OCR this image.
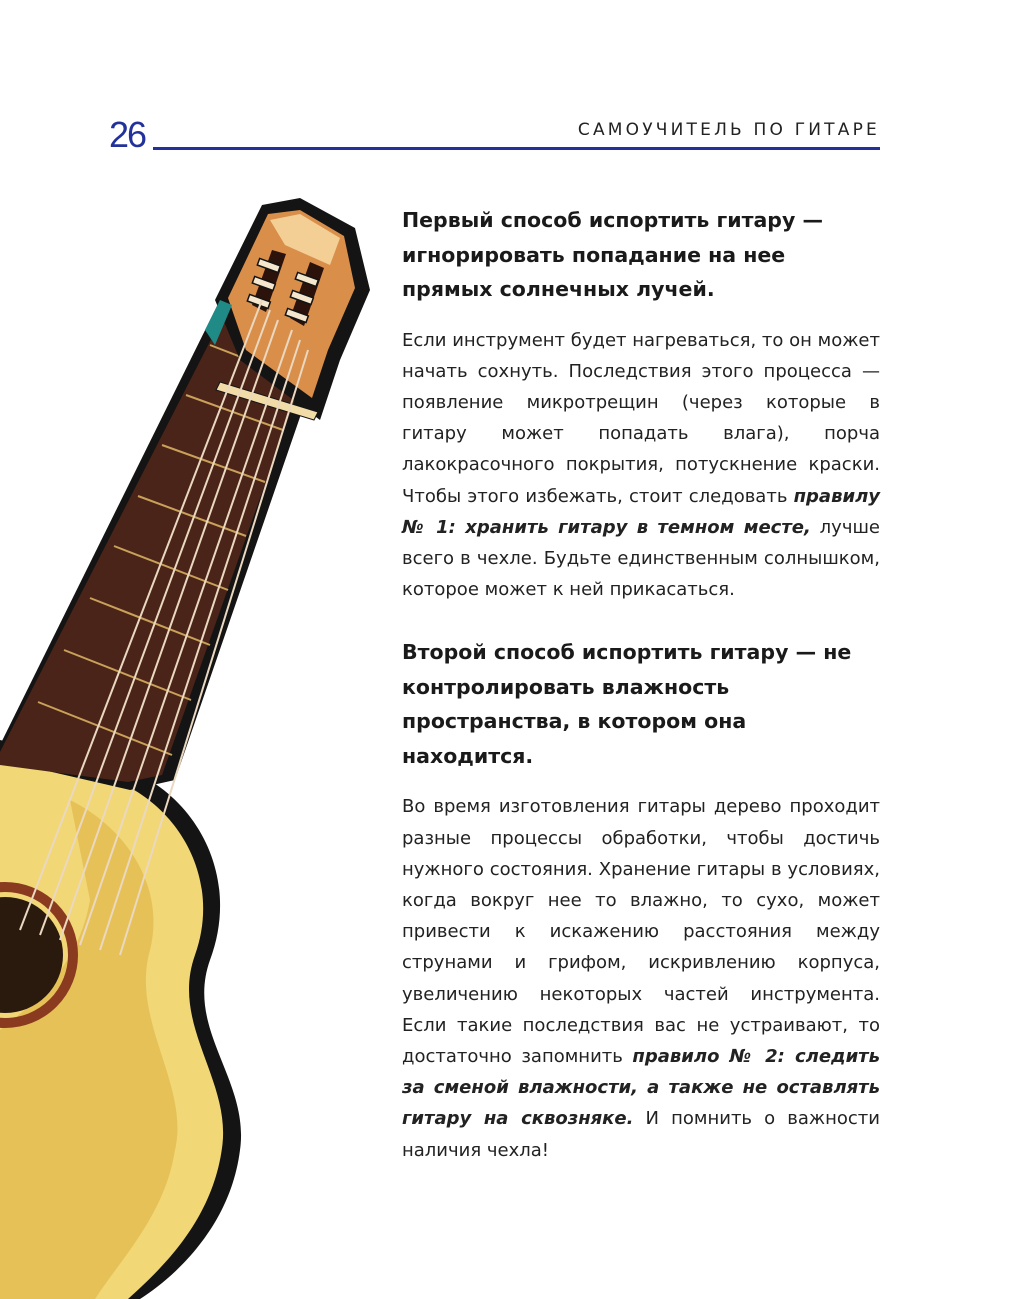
26	САМОУЧИТЕЛЬ ПО ГИТАРЕ
Первый способ испортить гитару — игнорировать попадание на нее прямых солнечных лучей.

Если инструмент будет нагреваться, то он может начать сохнуть. Последствия этого процесса — появление микротрещин (через которые в гитару может попадать влага), порча лакокрасочного покрытия, потускнение краски. Чтобы этого избежать, стоит следовать правилу № 1: хранить гитару в темном месте, лучше всего в чехле. Будьте единственным солнышком, которое может к ней прикасаться.

Второй способ испортить гитару — не контролировать влажность пространства, в котором она находится.

Во время изготовления гитары дерево проходит разные процессы обработки, чтобы достичь нужного состояния. Хранение гитары в условиях, когда вокруг нее то влажно, то сухо, может привести к искажению расстояния между струнами и грифом, искривлению корпуса, увеличению некоторых частей инструмента. Если такие последствия вас не устраивают, то достаточно запомнить правило № 2: следить за сменой влажности, а также не оставлять гитару на сквозняке. И помнить о важности наличия чехла!
